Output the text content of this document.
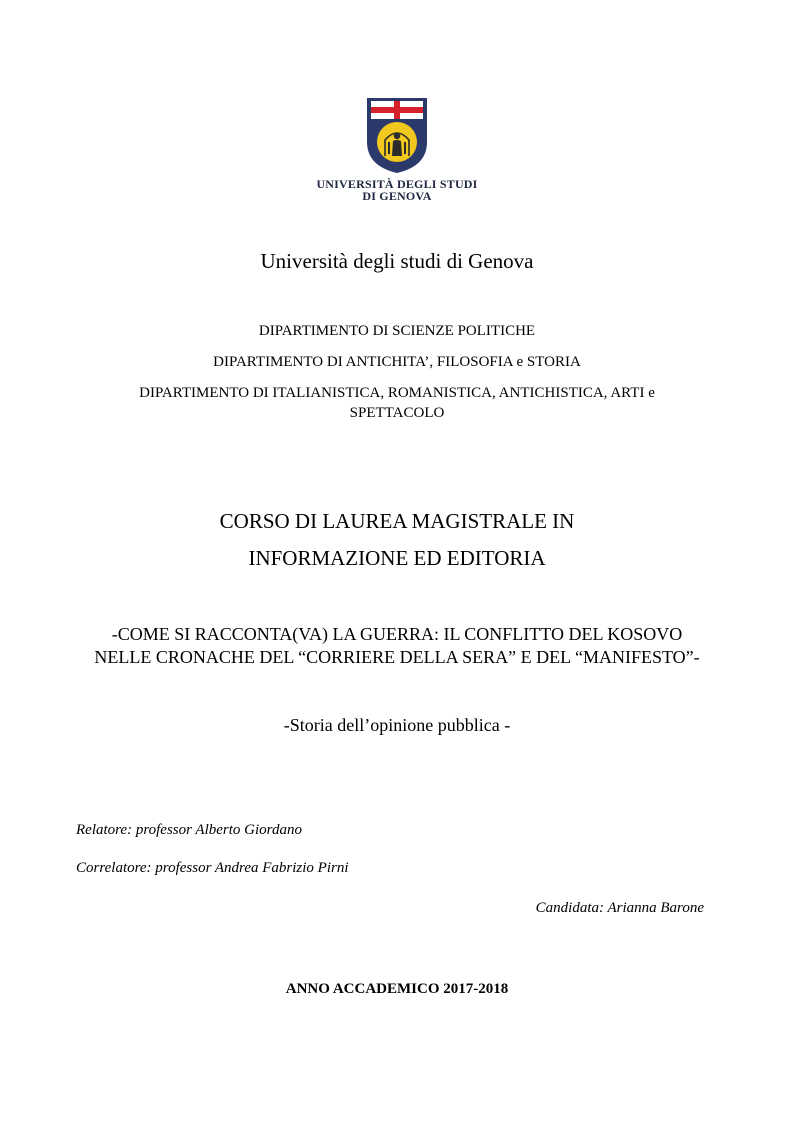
UNIVERSITÀ DEGLI STUDI
DI GENOVA
Università degli studi di Genova
DIPARTIMENTO DI SCIENZE POLITICHE
DIPARTIMENTO DI ANTICHITA’, FILOSOFIA e STORIA
DIPARTIMENTO DI ITALIANISTICA, ROMANISTICA, ANTICHISTICA, ARTI e SPETTACOLO
CORSO DI LAUREA MAGISTRALE IN
INFORMAZIONE ED EDITORIA
-COME SI RACCONTA(VA) LA GUERRA: IL CONFLITTO DEL KOSOVO
NELLE CRONACHE DEL “CORRIERE DELLA SERA” E DEL “MANIFESTO”-
-Storia dell’opinione pubblica -
Relatore: professor Alberto Giordano
Correlatore: professor Andrea Fabrizio Pirni
Candidata: Arianna Barone
ANNO ACCADEMICO 2017-2018
